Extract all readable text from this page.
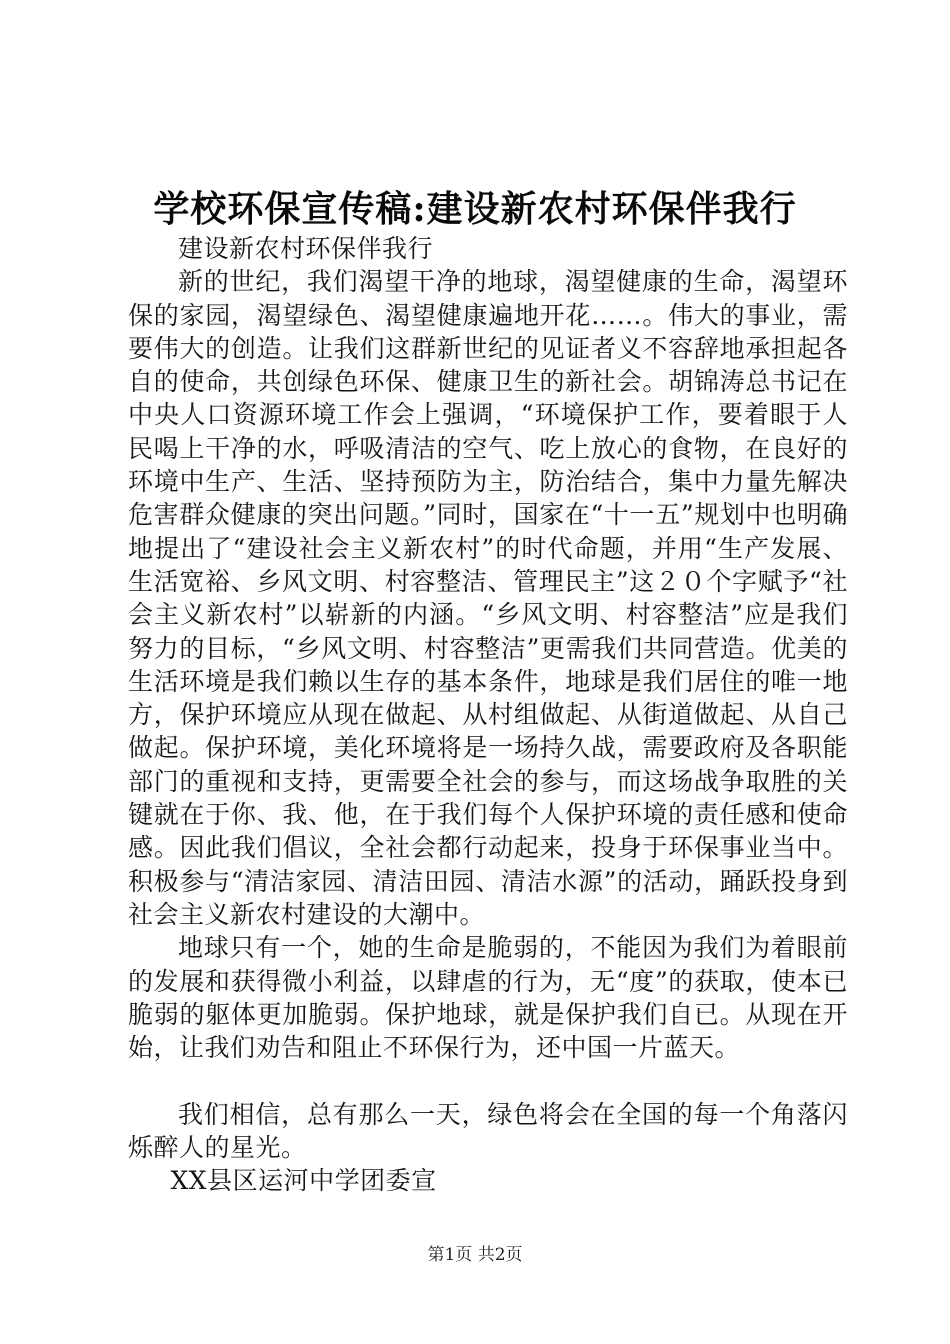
学校环保宣传稿:建设新农村环保伴我行

建设新农村环保伴我行

新的世纪，我们渴望干净的地球，渴望健康的生命，渴望环保的家园，渴望绿色、渴望健康遍地开花……。伟大的事业，需要伟大的创造。让我们这群新世纪的见证者义不容辞地承担起各自的使命，共创绿色环保、健康卫生的新社会。胡锦涛总书记在中央人口资源环境工作会上强调，“环境保护工作，要着眼于人民喝上干净的水，呼吸清洁的空气、吃上放心的食物，在良好的环境中生产、生活、坚持预防为主，防治结合，集中力量先解决危害群众健康的突出问题。”同时，国家在“十一五”规划中也明确地提出了“建设社会主义新农村”的时代命题，并用“生产发展、生活宽裕、乡风文明、村容整洁、管理民主”这２０个字赋予“社会主义新农村”以崭新的内涵。“乡风文明、村容整洁”应是我们努力的目标，“乡风文明、村容整洁”更需我们共同营造。优美的生活环境是我们赖以生存的基本条件，地球是我们居住的唯一地方，保护环境应从现在做起、从村组做起、从街道做起、从自己做起。保护环境，美化环境将是一场持久战，需要政府及各职能部门的重视和支持，更需要全社会的参与，而这场战争取胜的关键就在于你、我、他，在于我们每个人保护环境的责任感和使命感。因此我们倡议，全社会都行动起来，投身于环保事业当中。积极参与“清洁家园、清洁田园、清洁水源”的活动，踊跃投身到社会主义新农村建设的大潮中。

地球只有一个，她的生命是脆弱的，不能因为我们为着眼前的发展和获得微小利益，以肆虐的行为，无“度”的获取，使本已脆弱的躯体更加脆弱。保护地球，就是保护我们自已。从现在开始，让我们劝告和阻止不环保行为，还中国一片蓝天。

我们相信，总有那么一天，绿色将会在全国的每一个角落闪烁醉人的星光。

XX县区运河中学团委宣

第1页 共2页
